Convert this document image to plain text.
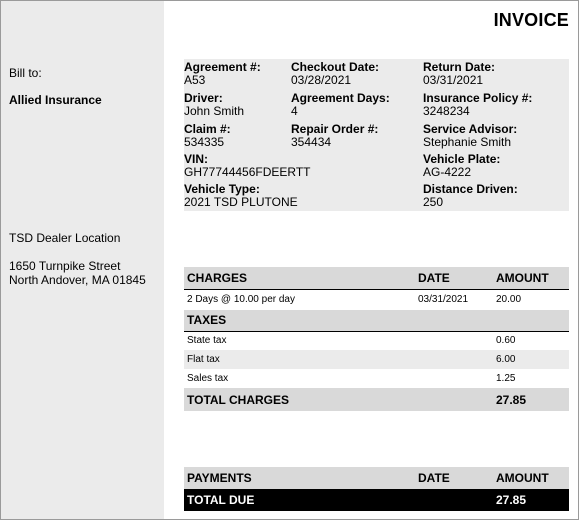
Bill to:
Allied Insurance
TSD Dealer Location
1650 Turnpike Street
North Andover, MA 01845
INVOICE
Agreement #:
A53
Checkout Date:
03/28/2021
Return Date:
03/31/2021
Driver:
John Smith
Agreement Days:
4
Insurance Policy #:
3248234
Claim #:
534335
Repair Order #:
354434
Service Advisor:
Stephanie Smith
VIN:
GH77744456FDEERTT
Vehicle Plate:
AG-4222
Vehicle Type:
2021 TSD PLUTONE
Distance Driven:
250
CHARGES	DATE	AMOUNT
2 Days @ 10.00 per day	03/31/2021	20.00
TAXES		
State tax		0.60
Flat tax		6.00
Sales tax		1.25
TOTAL CHARGES		27.85
PAYMENTS	DATE	AMOUNT
TOTAL DUE		27.85
